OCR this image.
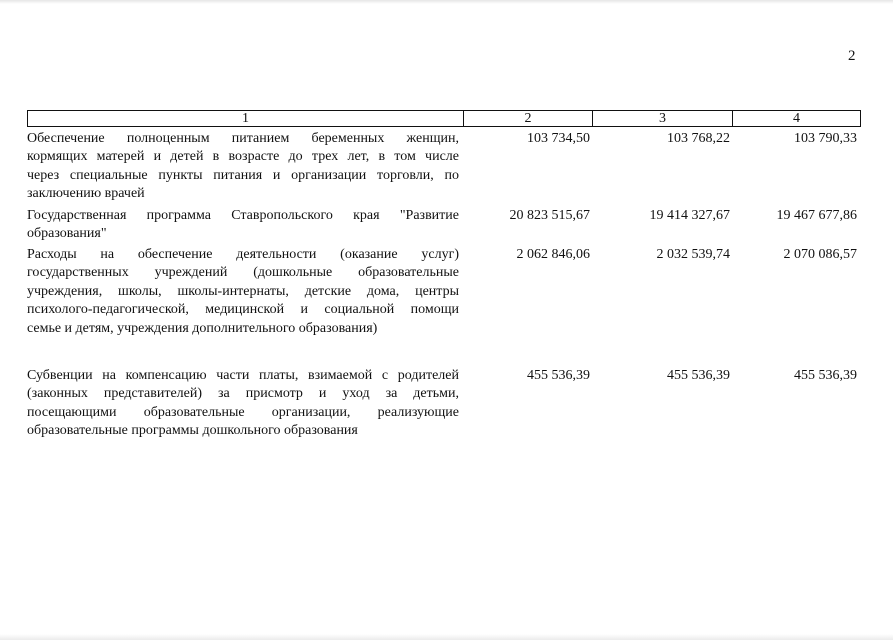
2
1	2	3	4
Обеспечение полноценным питанием беременных женщин,
кормящих матерей и детей в возрасте до трех лет, в том числе
через специальные пункты питания и организации торговли, по
заключению врачей
103 734,50	103 768,22	103 790,33
Государственная программа Ставропольского края "Развитие
образования"
20 823 515,67	19 414 327,67	19 467 677,86
Расходы на обеспечение деятельности (оказание услуг)
государственных учреждений (дошкольные образовательные
учреждения, школы, школы-интернаты, детские дома, центры
психолого-педагогической, медицинской и социальной помощи
семье и детям, учреждения дополнительного образования)
2 062 846,06	2 032 539,74	2 070 086,57
Субвенции на компенсацию части платы, взимаемой с родителей
(законных представителей) за присмотр и уход за детьми,
посещающими образовательные организации, реализующие
образовательные программы дошкольного образования
455 536,39	455 536,39	455 536,39
